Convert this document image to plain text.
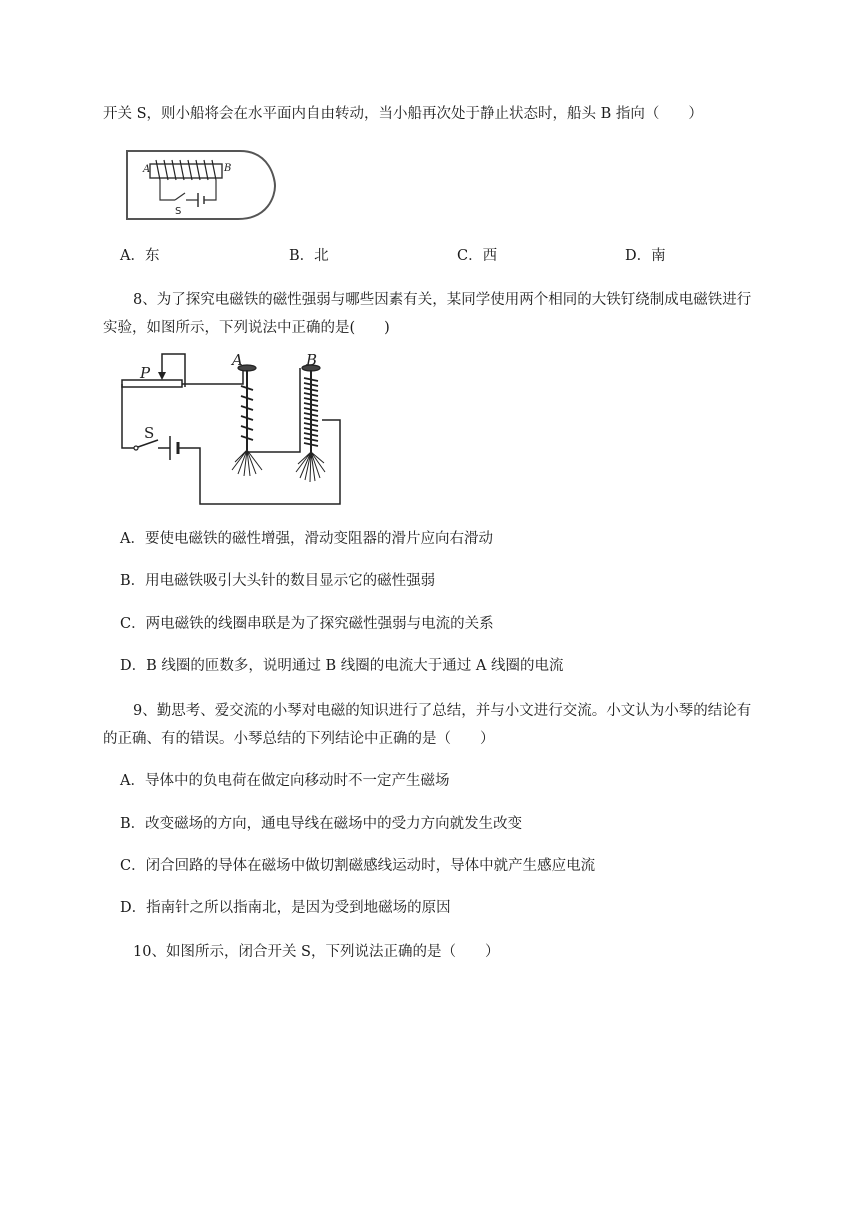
开关 S，则小船将会在水平面内自由转动，当小船再次处于静止状态时，船头 B 指向（　　）
A	B
S
A．东	B．北	C．西	D．南
8、为了探究电磁铁的磁性强弱与哪些因素有关，某同学使用两个相同的大铁钉绕制成电磁铁进行
实验，如图所示，下列说法中正确的是(　　)
P
S
A	B
A．要使电磁铁的磁性增强，滑动变阻器的滑片应向右滑动
B．用电磁铁吸引大头针的数目显示它的磁性强弱
C．两电磁铁的线圈串联是为了探究磁性强弱与电流的关系
D．B 线圈的匝数多，说明通过 B 线圈的电流大于通过 A 线圈的电流
9、勤思考、爱交流的小琴对电磁的知识进行了总结，并与小文进行交流。小文认为小琴的结论有
的正确、有的错误。小琴总结的下列结论中正确的是（　　）
A．导体中的负电荷在做定向移动时不一定产生磁场
B．改变磁场的方向，通电导线在磁场中的受力方向就发生改变
C．闭合回路的导体在磁场中做切割磁感线运动时，导体中就产生感应电流
D．指南针之所以指南北，是因为受到地磁场的原因
10、如图所示，闭合开关 S，下列说法正确的是（　　）
